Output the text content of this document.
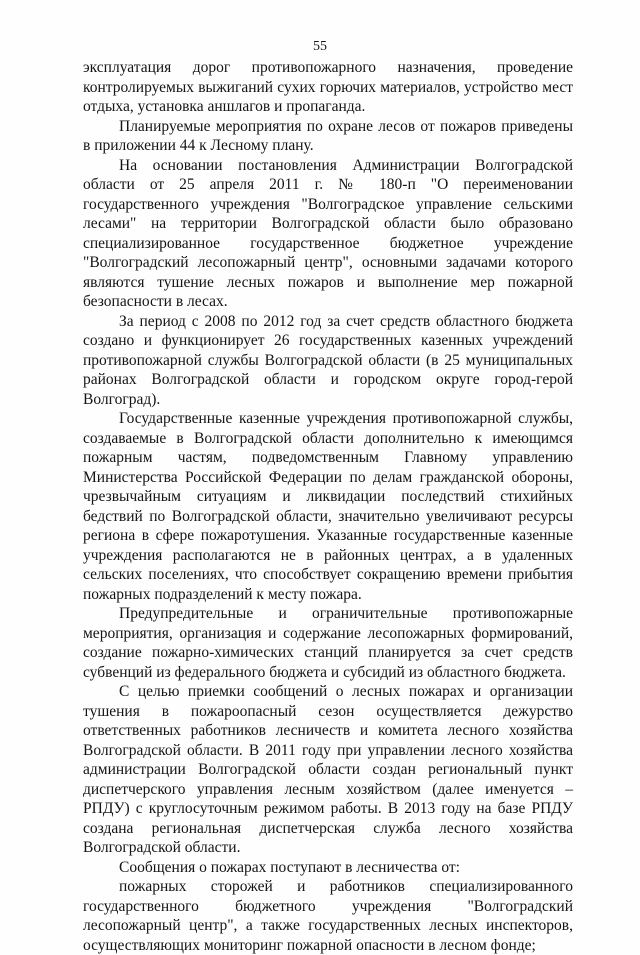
55

эксплуатация дорог противопожарного назначения, проведение контролируемых выжиганий сухих горючих материалов, устройство мест отдыха, установка аншлагов и пропаганда.

Планируемые мероприятия по охране лесов от пожаров приведены в приложении 44 к Лесному плану.

На основании постановления Администрации Волгоградской области от 25 апреля 2011 г. № 180-п "О переименовании государственного учреждения "Волгоградское управление сельскими лесами" на территории Волгоградской области было образовано специализированное государственное бюджетное учреждение "Волгоградский лесопожарный центр", основными задачами которого являются тушение лесных пожаров и выполнение мер пожарной безопасности в лесах.

За период с 2008 по 2012 год за счет средств областного бюджета создано и функционирует 26 государственных казенных учреждений противопожарной службы Волгоградской области (в 25 муниципальных районах Волгоградской области и городском округе город-герой Волгоград).

Государственные казенные учреждения противопожарной службы, создаваемые в Волгоградской области дополнительно к имеющимся пожарным частям, подведомственным Главному управлению Министерства Российской Федерации по делам гражданской обороны, чрезвычайным ситуациям и ликвидации последствий стихийных бедствий по Волгоградской области, значительно увеличивают ресурсы региона в сфере пожаротушения. Указанные государственные казенные учреждения располагаются не в районных центрах, а в удаленных сельских поселениях, что способствует сокращению времени прибытия пожарных подразделений к месту пожара.

Предупредительные и ограничительные противопожарные мероприятия, организация и содержание лесопожарных формирований, создание пожарно-химических станций планируется за счет средств субвенций из федерального бюджета и субсидий из областного бюджета.

С целью приемки сообщений о лесных пожарах и организации тушения в пожароопасный сезон осуществляется дежурство ответственных работников лесничеств и комитета лесного хозяйства Волгоградской области. В 2011 году при управлении лесного хозяйства администрации Волгоградской области создан региональный пункт диспетчерского управления лесным хозяйством (далее именуется – РПДУ) с круглосуточным режимом работы. В 2013 году на базе РПДУ создана региональная диспетчерская служба лесного хозяйства Волгоградской области.

Сообщения о пожарах поступают в лесничества от:

пожарных сторожей и работников специализированного государственного бюджетного учреждения "Волгоградский лесопожарный центр", а также государственных лесных инспекторов, осуществляющих мониторинг пожарной опасности в лесном фонде;
